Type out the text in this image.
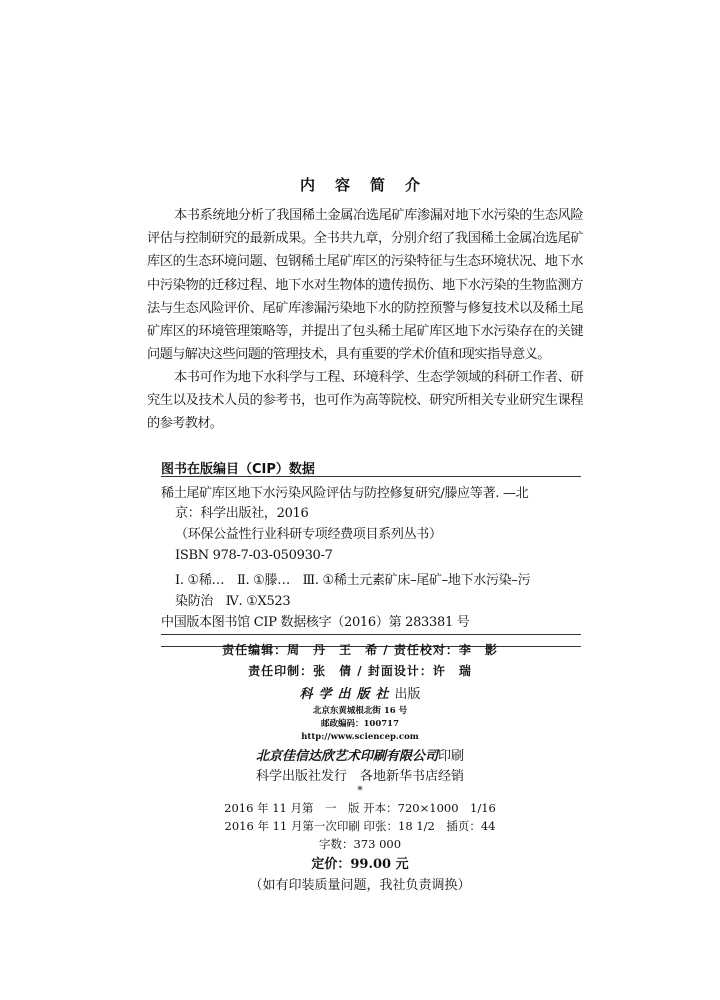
内容简介

本书系统地分析了我国稀土金属冶选尾矿库渗漏对地下水污染的生态风险评估与控制研究的最新成果。全书共九章，分别介绍了我国稀土金属冶选尾矿库区的生态环境问题、包钢稀土尾矿库区的污染特征与生态环境状况、地下水中污染物的迁移过程、地下水对生物体的遗传损伤、地下水污染的生物监测方法与生态风险评价、尾矿库渗漏污染地下水的防控预警与修复技术以及稀土尾矿库区的环境管理策略等，并提出了包头稀土尾矿库区地下水污染存在的关键问题与解决这些问题的管理技术，具有重要的学术价值和现实指导意义。

本书可作为地下水科学与工程、环境科学、生态学领域的科研工作者、研究生以及技术人员的参考书，也可作为高等院校、研究所相关专业研究生课程的参考教材。

图书在版编目（CIP）数据
稀土尾矿库区地下水污染风险评估与防控修复研究/滕应等著. —北
京：科学出版社，2016
（环保公益性行业科研专项经费项目系列丛书）
ISBN 978-7-03-050930-7
Ⅰ. ①稀…　Ⅱ. ①滕…　Ⅲ. ①稀土元素矿床–尾矿–地下水污染–污
染防治　Ⅳ. ①X523
中国版本图书馆 CIP 数据核字（2016）第 283381 号
责任编辑：周　丹　王　希 / 责任校对：李　影
责任印制：张　倩 / 封面设计：许　瑞
科学出版社出版
北京东黄城根北街 16 号
邮政编码：100717
http://www.sciencep.com
北京佳信达欣艺术印刷有限公司印刷
科学出版社发行　各地新华书店经销
*
2016 年 11 月第　一　版 开本：720×1000　1/16
2016 年 11 月第一次印刷 印张：18 1/2　插页：44
字数：373 000
定价：99.00 元
（如有印装质量问题，我社负责调换）
